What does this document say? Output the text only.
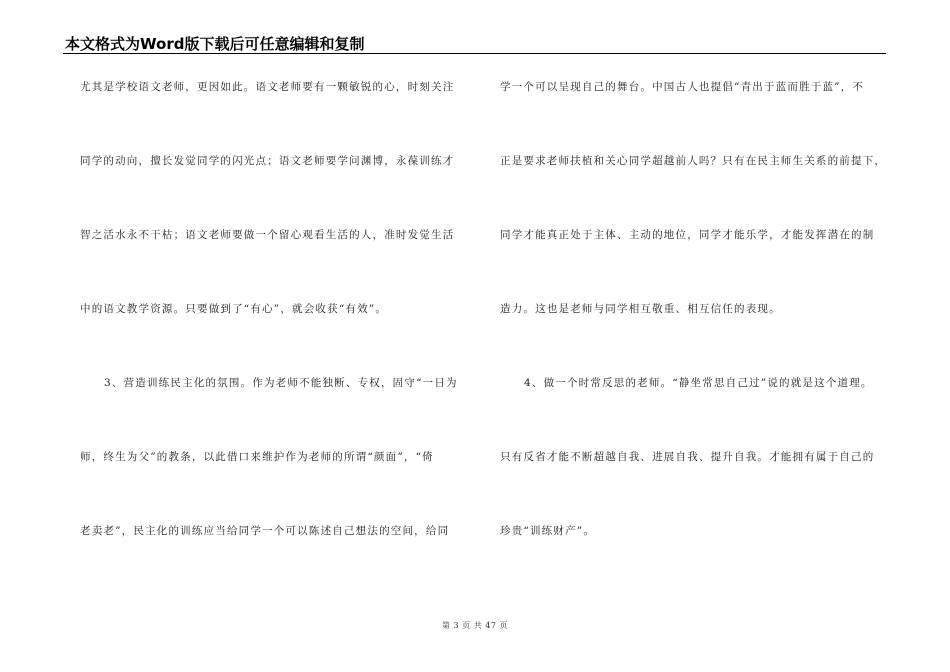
本文格式为Word版下载后可任意编辑和复制
尤其是学校语文老师，更因如此。语文老师要有一颗敏锐的心，时刻关注
同学的动向，擅长发觉同学的闪光点；语文老师要学问渊博，永葆训练才
智之活水永不干枯；语文老师要做一个留心观看生活的人，准时发觉生活
中的语文教学资源。只要做到了“有心”，就会收获“有效”。
3、营造训练民主化的氛围。作为老师不能独断、专权，固守“一日为
师，终生为父”的教条，以此借口来维护作为老师的所谓“颜面”，“倚
老卖老”，民主化的训练应当给同学一个可以陈述自己想法的空间，给同
学一个可以呈现自己的舞台。中国古人也提倡“青出于蓝而胜于蓝”，不
正是要求老师扶植和关心同学超越前人吗？只有在民主师生关系的前提下，
同学才能真正处于主体、主动的地位，同学才能乐学，才能发挥潜在的制
造力。这也是老师与同学相互敬重、相互信任的表现。
4、做一个时常反思的老师。“静坐常思自己过”说的就是这个道理。
只有反省才能不断超越自我、进展自我、提升自我。才能拥有属于自己的
珍贵“训练财产”。
第 3 页 共 47 页
